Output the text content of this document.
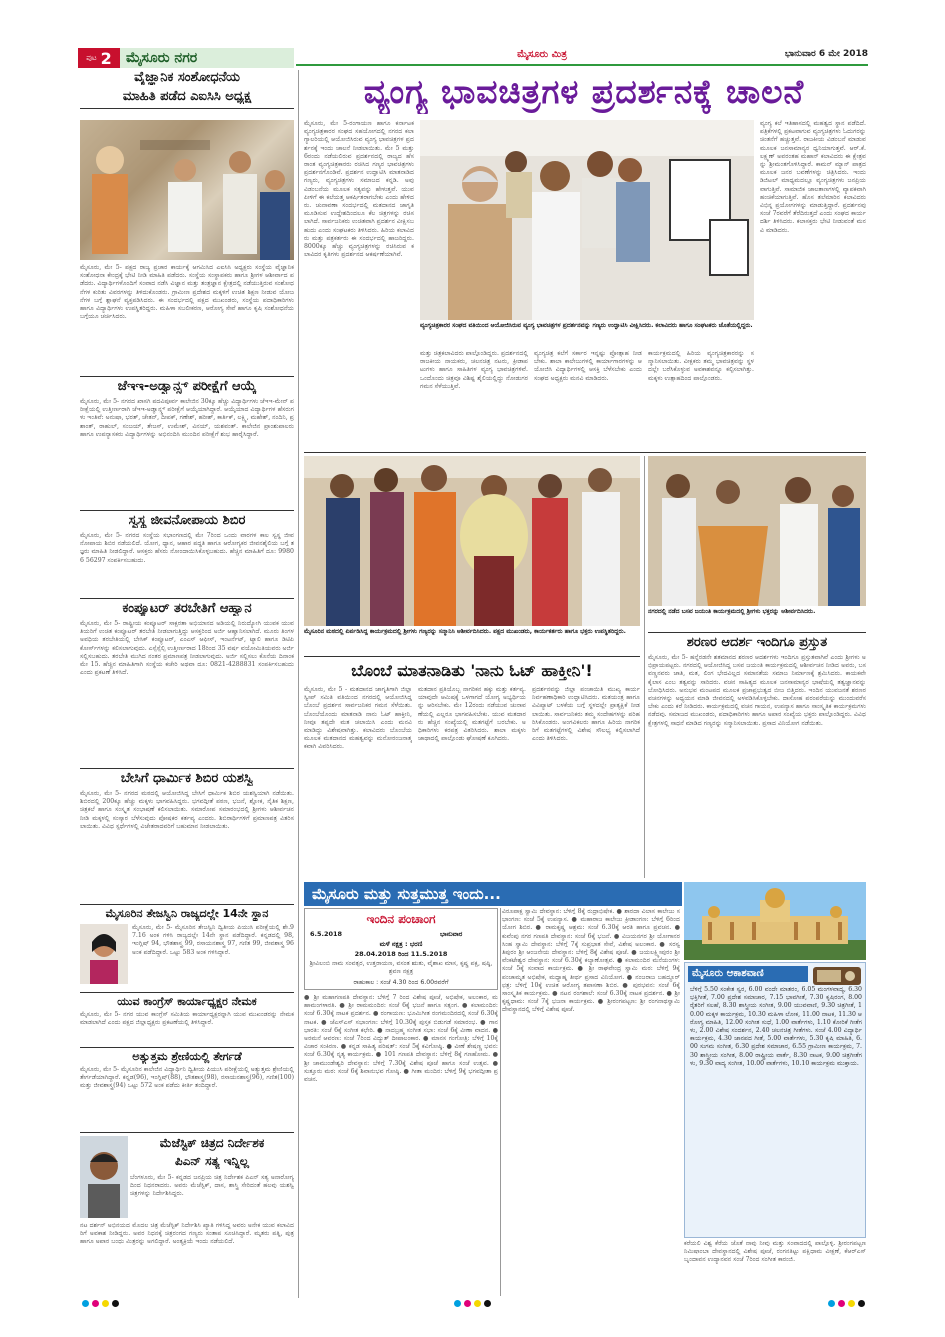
ಪುಟ 2	ಮೈಸೂರು ನಗರ	ಮೈಸೂರು ಮಿತ್ರ	ಭಾನುವಾರ 6 ಮೇ 2018
ವ್ಯಂಗ್ಯ ಭಾವಚಿತ್ರಗಳ ಪ್ರದರ್ಶನಕ್ಕೆ ಚಾಲನೆ
ವೈಜ್ಞಾನಿಕ ಸಂಶೋಧನೆಯ
ಮಾಹಿತಿ ಪಡೆದ ಎಐಸಿಸಿ ಅಧ್ಯಕ್ಷ
ಮೈಸೂರು, ಮೇ 5- ಪಕ್ಷದ ರಾಜ್ಯ ಪ್ರಚಾರ ಕಾರ್ಯಕ್ಕೆ ಆಗಮಿಸಿದ ಎಐಸಿಸಿ ಅಧ್ಯಕ್ಷರು ಸಂಸ್ಥೆಯ ವೈಜ್ಞಾನಿಕ ಸಂಶೋಧನಾ ಕೇಂದ್ರಕ್ಕೆ ಭೇಟಿ ನೀಡಿ ಮಾಹಿತಿ ಪಡೆದರು. ಸಂಸ್ಥೆಯ ಸಂಸ್ಥಾಪಕರು ಹಾಗೂ ಶ್ರೀಗಳ ಆಶೀರ್ವಾದ ಪಡೆದರು. ವಿದ್ಯಾರ್ಥಿಗಳೊಂದಿಗೆ ಸಂವಾದ ನಡೆಸಿ ವಿಜ್ಞಾನ ಮತ್ತು ತಂತ್ರಜ್ಞಾನ ಕ್ಷೇತ್ರದಲ್ಲಿ ನಡೆಯುತ್ತಿರುವ ಸಂಶೋಧನೆಗಳ ಕುರಿತು ವಿವರಗಳನ್ನು ತಿಳಿದುಕೊಂಡರು. ಗ್ರಾಮೀಣ ಪ್ರದೇಶದ ಮಕ್ಕಳಿಗೆ ಉಚಿತ ಶಿಕ್ಷಣ ನೀಡುವ ಯೋಜನೆಗಳ ಬಗ್ಗೆ ಶ್ಲಾಘನೆ ವ್ಯಕ್ತಪಡಿಸಿದರು. ಈ ಸಂದರ್ಭದಲ್ಲಿ ಪಕ್ಷದ ಮುಖಂಡರು, ಸಂಸ್ಥೆಯ ಪದಾಧಿಕಾರಿಗಳು ಹಾಗೂ ವಿದ್ಯಾರ್ಥಿಗಳು ಉಪಸ್ಥಿತರಿದ್ದರು. ಮಹಿಳಾ ಸಬಲೀಕರಣ, ಆರೋಗ್ಯ ಸೇವೆ ಹಾಗೂ ಕೃಷಿ ಸಂಶೋಧನೆಯ ಬಗ್ಗೆಯೂ ಚರ್ಚಿಸಿದರು.
ಜೆಇಇ-ಅಡ್ವಾನ್ಸ್ಡ್ ಪರೀಕ್ಷೆಗೆ ಆಯ್ಕೆ
ಮೈಸೂರು, ಮೇ 5- ನಗರದ ಖಾಸಗಿ ಪದವಿಪೂರ್ವ ಕಾಲೇಜಿನ 30ಕ್ಕೂ ಹೆಚ್ಚು ವಿದ್ಯಾರ್ಥಿಗಳು ಜೆಇಇ-ಮೇನ್ ಪರೀಕ್ಷೆಯಲ್ಲಿ ಉತ್ತೀರ್ಣರಾಗಿ ಜೆಇಇ-ಅಡ್ವಾನ್ಸ್ಡ್ ಪರೀಕ್ಷೆಗೆ ಆಯ್ಕೆಯಾಗಿದ್ದಾರೆ. ಆಯ್ಕೆಯಾದ ವಿದ್ಯಾರ್ಥಿಗಳ ಹೆಸರುಗಳು ಇಂತಿವೆ: ಅನುಷಾ, ಭರತ್, ಚೇತನ್, ದೀಪಕ್, ಗಣೇಶ್, ಹರೀಶ್, ಕಾರ್ತಿಕ್, ಲಕ್ಷ್ಮಿ, ಮಹೇಶ್, ನಂದಿನಿ, ಪ್ರಶಾಂತ್, ರಾಹುಲ್, ಸಂಜಯ್, ತೇಜಸ್, ಉಮೇಶ್, ವಿನಯ್, ಯಶವಂತ್. ಕಾಲೇಜಿನ ಪ್ರಾಂಶುಪಾಲರು ಹಾಗೂ ಉಪನ್ಯಾಸಕರು ವಿದ್ಯಾರ್ಥಿಗಳನ್ನು ಅಭಿನಂದಿಸಿ ಮುಂದಿನ ಪರೀಕ್ಷೆಗೆ ಶುಭ ಹಾರೈಸಿದ್ದಾರೆ.
ಸ್ವಸ್ಥ ಜೀವನೋಪಾಯ ಶಿಬಿರ
ಮೈಸೂರು, ಮೇ 5- ನಗರದ ಸಂಸ್ಥೆಯ ಸಭಾಂಗಣದಲ್ಲಿ ಮೇ 7ರಿಂದ ಒಂದು ವಾರಗಳ ಕಾಲ ಸ್ವಸ್ಥ ಜೀವನೋಪಾಯ ಶಿಬಿರ ನಡೆಯಲಿದೆ. ಯೋಗ, ಧ್ಯಾನ, ಆಹಾರ ಪದ್ಧತಿ ಹಾಗೂ ಆರೋಗ್ಯಕರ ಜೀವನಶೈಲಿಯ ಬಗ್ಗೆ ತಜ್ಞರು ಮಾಹಿತಿ ನೀಡಲಿದ್ದಾರೆ. ಆಸಕ್ತರು ಹೆಸರು ನೋಂದಾಯಿಸಿಕೊಳ್ಳಬಹುದು. ಹೆಚ್ಚಿನ ಮಾಹಿತಿಗೆ ದೂ: 99806 56297 ಸಂಪರ್ಕಿಸಬಹುದು.
ಕಂಪ್ಯೂಟರ್ ತರಬೇತಿಗೆ ಆಹ್ವಾನ
ಮೈಸೂರು, ಮೇ 5- ರಾಷ್ಟ್ರೀಯ ಕಂಪ್ಯೂಟರ್ ಸಾಕ್ಷರತಾ ಅಭಿಯಾನದ ಅಡಿಯಲ್ಲಿ ನಿರುದ್ಯೋಗಿ ಯುವಕ ಯುವತಿಯರಿಗೆ ಉಚಿತ ಕಂಪ್ಯೂಟರ್ ತರಬೇತಿ ನೀಡಲಾಗುತ್ತಿದ್ದು ಆಸಕ್ತರಿಂದ ಅರ್ಜಿ ಆಹ್ವಾನಿಸಲಾಗಿದೆ. ಮೂರು ತಿಂಗಳ ಅವಧಿಯ ತರಬೇತಿಯಲ್ಲಿ ಬೇಸಿಕ್ ಕಂಪ್ಯೂಟರ್, ಎಂಎಸ್ ಆಫೀಸ್, ಇಂಟರ್ನೆಟ್, ಟ್ಯಾಲಿ ಹಾಗೂ ಡಿಟಿಪಿ ಕೋರ್ಸ್‌ಗಳನ್ನು ಕಲಿಸಲಾಗುವುದು. ಎಸ್ಸೆಸ್ಸೆಲ್ಸಿ ಉತ್ತೀರ್ಣರಾದ 18ರಿಂದ 35 ವರ್ಷ ವಯೋಮಿತಿಯವರು ಅರ್ಜಿ ಸಲ್ಲಿಸಬಹುದು. ತರಬೇತಿ ಮುಗಿದ ನಂತರ ಪ್ರಮಾಣಪತ್ರ ನೀಡಲಾಗುವುದು. ಅರ್ಜಿ ಸಲ್ಲಿಸಲು ಕೊನೆಯ ದಿನಾಂಕ ಮೇ 15. ಹೆಚ್ಚಿನ ಮಾಹಿತಿಗಾಗಿ ಸಂಸ್ಥೆಯ ಕಚೇರಿ ಅಥವಾ ದೂ: 0821-4288831 ಸಂಪರ್ಕಿಸಬಹುದು ಎಂದು ಪ್ರಕಟಣೆ ತಿಳಿಸಿದೆ.
ಬೇಸಿಗೆ ಧಾರ್ಮಿಕ ಶಿಬಿರ ಯಶಸ್ವಿ
ಮೈಸೂರು, ಮೇ 5- ನಗರದ ಮಠದಲ್ಲಿ ಆಯೋಜಿಸಿದ್ದ ಬೇಸಿಗೆ ಧಾರ್ಮಿಕ ಶಿಬಿರ ಯಶಸ್ವಿಯಾಗಿ ನಡೆಯಿತು. ಶಿಬಿರದಲ್ಲಿ 200ಕ್ಕೂ ಹೆಚ್ಚು ಮಕ್ಕಳು ಭಾಗವಹಿಸಿದ್ದರು. ಭಗವದ್ಗೀತೆ ಪಠಣ, ಭಜನೆ, ಶ್ಲೋಕ, ನೈತಿಕ ಶಿಕ್ಷಣ, ಚಿತ್ರಕಲೆ ಹಾಗೂ ಸಂಸ್ಕೃತ ಸಂಭಾಷಣೆ ಕಲಿಸಲಾಯಿತು. ಸಮಾರೋಪ ಸಮಾರಂಭದಲ್ಲಿ ಶ್ರೀಗಳು ಆಶೀರ್ವಚನ ನೀಡಿ ಮಕ್ಕಳಲ್ಲಿ ಸಂಸ್ಕಾರ ಬೆಳೆಸುವುದು ಪೋಷಕರ ಕರ್ತವ್ಯ ಎಂದರು. ಶಿಬಿರಾರ್ಥಿಗಳಿಗೆ ಪ್ರಮಾಣಪತ್ರ ವಿತರಿಸಲಾಯಿತು. ವಿವಿಧ ಸ್ಪರ್ಧೆಗಳಲ್ಲಿ ವಿಜೇತರಾದವರಿಗೆ ಬಹುಮಾನ ನೀಡಲಾಯಿತು.
ಮೈಸೂರಿನ ತೇಜಸ್ವಿನಿ ರಾಜ್ಯದಲ್ಲೇ 14ನೇ ಸ್ಥಾನ
ಮೈಸೂರು, ಮೇ 5- ಮೈಸೂರಿನ ತೇಜಸ್ವಿನಿ ದ್ವಿತೀಯ ಪಿಯುಸಿ ಪರೀಕ್ಷೆಯಲ್ಲಿ ಶೇ.97.16 ಅಂಕ ಗಳಿಸಿ ರಾಜ್ಯದಲ್ಲೇ 14ನೇ ಸ್ಥಾನ ಪಡೆದಿದ್ದಾರೆ. ಕನ್ನಡದಲ್ಲಿ 98, ಇಂಗ್ಲಿಷ್ 94, ಭೌತಶಾಸ್ತ್ರ 99, ರಸಾಯನಶಾಸ್ತ್ರ 97, ಗಣಿತ 99, ಜೀವಶಾಸ್ತ್ರ 96 ಅಂಕ ಪಡೆದಿದ್ದಾರೆ. ಒಟ್ಟು 583 ಅಂಕ ಗಳಿಸಿದ್ದಾರೆ.
ಯುವ ಕಾಂಗ್ರೆಸ್ ಕಾರ್ಯಾಧ್ಯಕ್ಷರ ನೇಮಕ
ಮೈಸೂರು, ಮೇ 5- ನಗರ ಯುವ ಕಾಂಗ್ರೆಸ್ ಸಮಿತಿಯ ಕಾರ್ಯಾಧ್ಯಕ್ಷರನ್ನಾಗಿ ಯುವ ಮುಖಂಡರನ್ನು ನೇಮಕ ಮಾಡಲಾಗಿದೆ ಎಂದು ಪಕ್ಷದ ಜಿಲ್ಲಾಧ್ಯಕ್ಷರು ಪ್ರಕಟಣೆಯಲ್ಲಿ ತಿಳಿಸಿದ್ದಾರೆ.
ಅತ್ಯುತ್ತಮ ಶ್ರೇಣಿಯಲ್ಲಿ ತೇರ್ಗಡೆ
ಮೈಸೂರು, ಮೇ 5- ಮೈಸೂರಿನ ಕಾಲೇಜಿನ ವಿದ್ಯಾರ್ಥಿನಿ ದ್ವಿತೀಯ ಪಿಯುಸಿ ಪರೀಕ್ಷೆಯಲ್ಲಿ ಅತ್ಯುತ್ತಮ ಶ್ರೇಣಿಯಲ್ಲಿ ತೇರ್ಗಡೆಯಾಗಿದ್ದಾರೆ. ಕನ್ನಡ(96), ಇಂಗ್ಲಿಷ್(88), ಭೌತಶಾಸ್ತ್ರ(98), ರಸಾಯನಶಾಸ್ತ್ರ(96), ಗಣಿತ(100) ಮತ್ತು ಜೀವಶಾಸ್ತ್ರ(94) ಒಟ್ಟು 572 ಅಂಕ ಪಡೆದು ಕೀರ್ತಿ ತಂದಿದ್ದಾರೆ.
ಮೆಜೆಸ್ಟಿಕ್ ಚಿತ್ರದ ನಿರ್ದೇಶಕ
ಪಿಎನ್ ಸತ್ಯ ಇನ್ನಿಲ್ಲ
ಬೆಂಗಳೂರು, ಮೇ 5- ಕನ್ನಡದ ಜನಪ್ರಿಯ ಚಿತ್ರ ನಿರ್ದೇಶಕ ಪಿಎನ್ ಸತ್ಯ ಅನಾರೋಗ್ಯದಿಂದ ನಿಧನರಾದರು. ಅವರು ಮೆಜೆಸ್ಟಿಕ್, ದಾಸ, ಶಾಸ್ತ್ರಿ ಸೇರಿದಂತೆ ಹಲವು ಯಶಸ್ವಿ ಚಿತ್ರಗಳನ್ನು ನಿರ್ದೇಶಿಸಿದ್ದರು.
ನಟ ದರ್ಶನ್ ಅಭಿನಯದ ಮೊದಲ ಚಿತ್ರ ಮೆಜೆಸ್ಟಿಕ್ ನಿರ್ದೇಶಿಸಿ ಖ್ಯಾತಿ ಗಳಿಸಿದ್ದ ಅವರು ಅನೇಕ ಯುವ ಕಲಾವಿದರಿಗೆ ಅವಕಾಶ ನೀಡಿದ್ದರು. ಅವರ ನಿಧನಕ್ಕೆ ಚಿತ್ರರಂಗದ ಗಣ್ಯರು ಸಂತಾಪ ಸೂಚಿಸಿದ್ದಾರೆ. ಮೃತರು ಪತ್ನಿ, ಪುತ್ರ ಹಾಗೂ ಅಪಾರ ಬಂಧು ಮಿತ್ರರನ್ನು ಅಗಲಿದ್ದಾರೆ. ಅಂತ್ಯಕ್ರಿಯೆ ಇಂದು ನಡೆಯಲಿದೆ.
ಮೈಸೂರು, ಮೇ 5-ರಂಗಾಯಣ ಹಾಗೂ ಕರ್ನಾಟಕ ವ್ಯಂಗ್ಯಚಿತ್ರಕಾರರ ಸಂಘದ ಸಹಯೋಗದಲ್ಲಿ ನಗರದ ಕಲಾ ಗ್ಯಾಲರಿಯಲ್ಲಿ ಆಯೋಜಿಸಿರುವ ವ್ಯಂಗ್ಯ ಭಾವಚಿತ್ರಗಳ ಪ್ರದರ್ಶನಕ್ಕೆ ಇಂದು ಚಾಲನೆ ನೀಡಲಾಯಿತು. ಮೇ 5 ಮತ್ತು 6ರಂದು ನಡೆಯಲಿರುವ ಪ್ರದರ್ಶನದಲ್ಲಿ ರಾಜ್ಯದ ಹೆಸರಾಂತ ವ್ಯಂಗ್ಯಚಿತ್ರಕಾರರು ರಚಿಸಿದ ಗಣ್ಯರ ಭಾವಚಿತ್ರಗಳು ಪ್ರದರ್ಶನಗೊಂಡಿವೆ. ಪ್ರದರ್ಶನ ಉದ್ಘಾಟಿಸಿ ಮಾತನಾಡಿದ ಗಣ್ಯರು, ವ್ಯಂಗ್ಯಚಿತ್ರಗಳು ಸಮಾಜದ ಕನ್ನಡಿ. ಅವು ವಿಡಂಬನೆಯ ಮೂಲಕ ಸತ್ಯವನ್ನು ಹೇಳುತ್ತವೆ. ಯುವ ಪೀಳಿಗೆ ಈ ಕಲೆಯತ್ತ ಆಕರ್ಷಿತರಾಗಬೇಕು ಎಂದು ಹೇಳಿದರು. ಚುನಾವಣಾ ಸಂದರ್ಭದಲ್ಲಿ ಮತದಾನದ ಜಾಗೃತಿ ಮೂಡಿಸುವ ಉದ್ದೇಶದಿಂದಲೂ ಕೆಲ ಚಿತ್ರಗಳನ್ನು ರಚಿಸಲಾಗಿದೆ. ಸಾರ್ವಜನಿಕರು ಉಚಿತವಾಗಿ ಪ್ರದರ್ಶನ ವೀಕ್ಷಿಸಬಹುದು ಎಂದು ಸಂಘಟಕರು ತಿಳಿಸಿದರು. ಹಿರಿಯ ಕಲಾವಿದರು ಮತ್ತು ಪತ್ರಕರ್ತರು ಈ ಸಂದರ್ಭದಲ್ಲಿ ಹಾಜರಿದ್ದರು. 8000ಕ್ಕೂ ಹೆಚ್ಚು ವ್ಯಂಗ್ಯಚಿತ್ರಗಳನ್ನು ರಚಿಸಿರುವ ಕಲಾವಿದರ ಕೃತಿಗಳು ಪ್ರದರ್ಶನದ ಆಕರ್ಷಣೆಯಾಗಿವೆ.
ವ್ಯಂಗ್ಯಚಿತ್ರಕಾರರ ಸಂಘದ ವತಿಯಿಂದ ಆಯೋಜಿಸಿರುವ ವ್ಯಂಗ್ಯ ಭಾವಚಿತ್ರಗಳ ಪ್ರದರ್ಶನವನ್ನು ಗಣ್ಯರು ಉದ್ಘಾಟಿಸಿ ವೀಕ್ಷಿಸಿದರು. ಕಲಾವಿದರು ಹಾಗೂ ಸಂಘಟಕರು ಜೊತೆಯಲ್ಲಿದ್ದರು.
ಮತ್ತು ಚಿತ್ರಕಲಾವಿದರು ಪಾಲ್ಗೊಂಡಿದ್ದರು. ಪ್ರದರ್ಶನದಲ್ಲಿ ರಾಜಕೀಯ ನಾಯಕರು, ಚಲನಚಿತ್ರ ನಟರು, ಕ್ರೀಡಾಪಟುಗಳು ಹಾಗೂ ಸಾಹಿತಿಗಳ ವ್ಯಂಗ್ಯ ಭಾವಚಿತ್ರಗಳಿವೆ. ಒಂದೊಂದು ಚಿತ್ರವೂ ವಿಶಿಷ್ಟ ಶೈಲಿಯಲ್ಲಿದ್ದು ನೋಡುಗರ ಗಮನ ಸೆಳೆಯುತ್ತಿವೆ.
ವ್ಯಂಗ್ಯಚಿತ್ರ ಕಲೆಗೆ ಸರ್ಕಾರ ಇನ್ನಷ್ಟು ಪ್ರೋತ್ಸಾಹ ನೀಡಬೇಕು. ಶಾಲಾ ಕಾಲೇಜುಗಳಲ್ಲಿ ಕಾರ್ಯಾಗಾರಗಳನ್ನು ಆಯೋಜಿಸಿ ವಿದ್ಯಾರ್ಥಿಗಳಲ್ಲಿ ಆಸಕ್ತಿ ಬೆಳೆಸಬೇಕು ಎಂದು ಸಂಘದ ಅಧ್ಯಕ್ಷರು ಮನವಿ ಮಾಡಿದರು.
ಕಾರ್ಯಕ್ರಮದಲ್ಲಿ ಹಿರಿಯ ವ್ಯಂಗ್ಯಚಿತ್ರಕಾರರನ್ನು ಸನ್ಮಾನಿಸಲಾಯಿತು. ವೀಕ್ಷಕರು ತಮ್ಮ ಭಾವಚಿತ್ರವನ್ನು ಸ್ಥಳದಲ್ಲೇ ಬರೆಸಿಕೊಳ್ಳುವ ಅವಕಾಶವನ್ನೂ ಕಲ್ಪಿಸಲಾಗಿತ್ತು. ಮಕ್ಕಳು ಉತ್ಸಾಹದಿಂದ ಪಾಲ್ಗೊಂಡರು.
ವ್ಯಂಗ್ಯ ಕಲೆ ಇತಿಹಾಸದಲ್ಲಿ ಮಹತ್ವದ ಸ್ಥಾನ ಪಡೆದಿದೆ. ಪತ್ರಿಕೆಗಳಲ್ಲಿ ಪ್ರಕಟವಾಗುವ ವ್ಯಂಗ್ಯಚಿತ್ರಗಳು ಓದುಗರನ್ನು ಚಿಂತನೆಗೆ ಹಚ್ಚುತ್ತವೆ. ರಾಜಕೀಯ ವಿಡಂಬನೆ ಮಾಡುವ ಮೂಲಕ ಜನಸಾಮಾನ್ಯರ ಧ್ವನಿಯಾಗುತ್ತವೆ. ಆರ್.ಕೆ. ಲಕ್ಷ್ಮಣ್ ಅವರಂತಹ ಮಹಾನ್ ಕಲಾವಿದರು ಈ ಕ್ಷೇತ್ರವನ್ನು ಶ್ರೀಮಂತಗೊಳಿಸಿದ್ದಾರೆ. ಕಾಮನ್ ಮ್ಯಾನ್ ಪಾತ್ರದ ಮೂಲಕ ಜನರ ಬವಣೆಗಳನ್ನು ಚಿತ್ರಿಸಿದರು. ಇಂದು ಡಿಜಿಟಲ್ ಮಾಧ್ಯಮದಲ್ಲೂ ವ್ಯಂಗ್ಯಚಿತ್ರಗಳು ಜನಪ್ರಿಯವಾಗುತ್ತಿವೆ. ಸಾಮಾಜಿಕ ಜಾಲತಾಣಗಳಲ್ಲಿ ವ್ಯಾಪಕವಾಗಿ ಹಂಚಿಕೆಯಾಗುತ್ತಿವೆ. ಹೊಸ ತಲೆಮಾರಿನ ಕಲಾವಿದರು ವಿಭಿನ್ನ ಪ್ರಯೋಗಗಳನ್ನು ಮಾಡುತ್ತಿದ್ದಾರೆ. ಪ್ರದರ್ಶನವು ಸಂಜೆ 7ರವರೆಗೆ ತೆರೆದಿರುತ್ತದೆ ಎಂದು ಸಂಘದ ಕಾರ್ಯದರ್ಶಿ ತಿಳಿಸಿದರು. ಕಲಾಸಕ್ತರು ಭೇಟಿ ನೀಡುವಂತೆ ಮನವಿ ಮಾಡಿದರು.
ಮೈಸೂರಿನ ಮಠದಲ್ಲಿ ಏರ್ಪಡಿಸಿದ್ದ ಕಾರ್ಯಕ್ರಮದಲ್ಲಿ ಶ್ರೀಗಳು ಗಣ್ಯರನ್ನು ಸನ್ಮಾನಿಸಿ ಆಶೀರ್ವದಿಸಿದರು. ಪಕ್ಷದ ಮುಖಂಡರು, ಕಾರ್ಯಕರ್ತರು ಹಾಗೂ ಭಕ್ತರು ಉಪಸ್ಥಿತರಿದ್ದರು.
ಬೊಂಬೆ ಮಾತನಾಡಿತು 'ನಾನು ಓಟ್ ಹಾಕ್ತೀನಿ'!
ಮೈಸೂರು, ಮೇ 5 - ಮತದಾನದ ಜಾಗೃತಿಗಾಗಿ ಜಿಲ್ಲಾ ಸ್ವೀಪ್ ಸಮಿತಿ ವತಿಯಿಂದ ನಗರದಲ್ಲಿ ಆಯೋಜಿಸಿದ್ದ ಬೊಂಬೆ ಪ್ರದರ್ಶನ ಸಾರ್ವಜನಿಕರ ಗಮನ ಸೆಳೆಯಿತು. ಬೊಂಬೆಯೊಂದು ಮಾತನಾಡಿ ನಾನು ಓಟ್ ಹಾಕ್ತೀನಿ, ನೀವೂ ತಪ್ಪದೇ ಮತ ಚಲಾಯಿಸಿ ಎಂದು ಮನವಿ ಮಾಡಿದ್ದು ವಿಶೇಷವಾಗಿತ್ತು. ಕಲಾವಿದರು ಬೊಂಬೆಯ ಮೂಲಕ ಮತದಾನದ ಮಹತ್ವವನ್ನು ಮನೋರಂಜನಾತ್ಮಕವಾಗಿ ವಿವರಿಸಿದರು.
ಮತದಾನ ಪ್ರತಿಯೊಬ್ಬ ನಾಗರಿಕನ ಹಕ್ಕು ಮತ್ತು ಕರ್ತವ್ಯ. ಯಾವುದೇ ಆಮಿಷಕ್ಕೆ ಒಳಗಾಗದೆ ಯೋಗ್ಯ ಅಭ್ಯರ್ಥಿಯನ್ನು ಆರಿಸಬೇಕು. ಮೇ 12ರಂದು ನಡೆಯುವ ಚುನಾವಣೆಯಲ್ಲಿ ಎಲ್ಲರೂ ಭಾಗವಹಿಸಬೇಕು. ಯುವ ಮತದಾರರು ಹೆಚ್ಚಿನ ಸಂಖ್ಯೆಯಲ್ಲಿ ಮತಗಟ್ಟೆಗೆ ಬರಬೇಕು. ಅಧಿಕಾರಿಗಳು ಕರಪತ್ರ ವಿತರಿಸಿದರು. ಶಾಲಾ ಮಕ್ಕಳು ಜಾಥಾದಲ್ಲಿ ಪಾಲ್ಗೊಂಡು ಘೋಷಣೆ ಕೂಗಿದರು.
ಪ್ರದರ್ಶನವನ್ನು ಜಿಲ್ಲಾ ಪಂಚಾಯಿತಿ ಮುಖ್ಯ ಕಾರ್ಯನಿರ್ವಹಣಾಧಿಕಾರಿ ಉದ್ಘಾಟಿಸಿದರು. ಮತಯಂತ್ರ ಹಾಗೂ ವಿವಿಪ್ಯಾಟ್ ಬಳಕೆಯ ಬಗ್ಗೆ ಸ್ಥಳದಲ್ಲೇ ಪ್ರಾತ್ಯಕ್ಷಿಕೆ ನೀಡಲಾಯಿತು. ಸಾರ್ವಜನಿಕರು ತಮ್ಮ ಸಂದೇಹಗಳನ್ನು ಪರಿಹರಿಸಿಕೊಂಡರು. ಅಂಗವಿಕಲರು ಹಾಗೂ ಹಿರಿಯ ನಾಗರಿಕರಿಗೆ ಮತಗಟ್ಟೆಗಳಲ್ಲಿ ವಿಶೇಷ ಸೌಲಭ್ಯ ಕಲ್ಪಿಸಲಾಗಿದೆ ಎಂದು ತಿಳಿಸಿದರು.
ನಗರದಲ್ಲಿ ನಡೆದ ಬಸವ ಜಯಂತಿ ಕಾರ್ಯಕ್ರಮದಲ್ಲಿ ಶ್ರೀಗಳು ಭಕ್ತರನ್ನು ಆಶೀರ್ವದಿಸಿದರು.
ಶರಣರ ಆದರ್ಶ ಇಂದಿಗೂ ಪ್ರಸ್ತುತ
ಮೈಸೂರು, ಮೇ 5- ಹನ್ನೆರಡನೇ ಶತಮಾನದ ಶರಣರ ಆದರ್ಶಗಳು ಇಂದಿಗೂ ಪ್ರಸ್ತುತವಾಗಿವೆ ಎಂದು ಶ್ರೀಗಳು ಅಭಿಪ್ರಾಯಪಟ್ಟರು. ನಗರದಲ್ಲಿ ಆಯೋಜಿಸಿದ್ದ ಬಸವ ಜಯಂತಿ ಕಾರ್ಯಕ್ರಮದಲ್ಲಿ ಆಶೀರ್ವಚನ ನೀಡಿದ ಅವರು, ಬಸವಣ್ಣನವರು ಜಾತಿ, ಮತ, ಲಿಂಗ ಭೇದವಿಲ್ಲದ ಸಮಾನತೆಯ ಸಮಾಜ ನಿರ್ಮಾಣಕ್ಕೆ ಶ್ರಮಿಸಿದರು. ಕಾಯಕವೇ ಕೈಲಾಸ ಎಂಬ ತತ್ವವನ್ನು ಸಾರಿದರು. ವಚನ ಸಾಹಿತ್ಯದ ಮೂಲಕ ಜನಸಾಮಾನ್ಯರ ಭಾಷೆಯಲ್ಲಿ ತತ್ವಜ್ಞಾನವನ್ನು ಬೋಧಿಸಿದರು. ಅನುಭವ ಮಂಟಪದ ಮೂಲಕ ಪ್ರಜಾಪ್ರಭುತ್ವದ ಬೀಜ ಬಿತ್ತಿದರು. ಇಂದಿನ ಯುವಜನತೆ ಶರಣರ ವಚನಗಳನ್ನು ಅಧ್ಯಯನ ಮಾಡಿ ಜೀವನದಲ್ಲಿ ಅಳವಡಿಸಿಕೊಳ್ಳಬೇಕು. ದಾಸೋಹ ಪರಂಪರೆಯನ್ನು ಮುಂದುವರೆಸಬೇಕು ಎಂದು ಕರೆ ನೀಡಿದರು. ಕಾರ್ಯಕ್ರಮದಲ್ಲಿ ವಚನ ಗಾಯನ, ಉಪನ್ಯಾಸ ಹಾಗೂ ಸಾಂಸ್ಕೃತಿಕ ಕಾರ್ಯಕ್ರಮಗಳು ನಡೆದವು. ಸಮಾಜದ ಮುಖಂಡರು, ಪದಾಧಿಕಾರಿಗಳು ಹಾಗೂ ಅಪಾರ ಸಂಖ್ಯೆಯ ಭಕ್ತರು ಪಾಲ್ಗೊಂಡಿದ್ದರು. ವಿವಿಧ ಕ್ಷೇತ್ರಗಳಲ್ಲಿ ಸಾಧನೆ ಮಾಡಿದ ಗಣ್ಯರನ್ನು ಸನ್ಮಾನಿಸಲಾಯಿತು. ಪ್ರಸಾದ ವಿನಿಯೋಗ ನಡೆಯಿತು.
ಮೈಸೂರು ಮತ್ತು ಸುತ್ತಮುತ್ತ ಇಂದು...
ಇಂದಿನ ಪಂಚಾಂಗ
6.5.2018	ಭಾನುವಾರ
ಮಳೆ ನಕ್ಷತ್ರ : ಭರಣಿ
28.04.2018 ರಿಂದ 11.5.2018
ಶ್ರೀವಿಲಂಬಿ ನಾಮ ಸಂವತ್ಸರ, ಉತ್ತರಾಯಣ, ವಸಂತ ಋತು, ವೈಶಾಖ ಮಾಸ, ಕೃಷ್ಣ ಪಕ್ಷ, ಷಷ್ಠಿ, ಶ್ರವಣ ನಕ್ಷತ್ರ
ರಾಹುಕಾಲ : ಸಂಜೆ 4.30 ರಿಂದ 6.00ರವರೆಗೆ
● ಶ್ರೀ ಮಹಾಗಣಪತಿ ದೇವಸ್ಥಾನ: ಬೆಳಿಗ್ಗೆ 7 ರಿಂದ ವಿಶೇಷ ಪೂಜೆ, ಅಭಿಷೇಕ, ಅಲಂಕಾರ, ಮಹಾಮಂಗಳಾರತಿ. ● ಶ್ರೀ ರಾಮಮಂದಿರ: ಸಂಜೆ 6ಕ್ಕೆ ಭಜನೆ ಹಾಗೂ ಸತ್ಸಂಗ. ● ಕಲಾಮಂದಿರ: ಸಂಜೆ 6.30ಕ್ಕೆ ನಾಟಕ ಪ್ರದರ್ಶನ. ● ರಂಗಾಯಣ: ಭೂಮಿಗೀತ ರಂಗಮಂದಿರದಲ್ಲಿ ಸಂಜೆ 6.30ಕ್ಕೆ ನಾಟಕ. ● ಜೆಎಸ್‌ಎಸ್ ಸಭಾಂಗಣ: ಬೆಳಿಗ್ಗೆ 10.30ಕ್ಕೆ ಪುಸ್ತಕ ಬಿಡುಗಡೆ ಸಮಾರಂಭ. ● ಗಾನಭಾರತಿ: ಸಂಜೆ 6ಕ್ಕೆ ಸಂಗೀತ ಕಛೇರಿ. ● ನಾದಬ್ರಹ್ಮ ಸಂಗೀತ ಸಭಾ: ಸಂಜೆ 6ಕ್ಕೆ ವೀಣಾ ವಾದನ. ● ಅರಮನೆ ಆವರಣ: ಸಂಜೆ 7ರಿಂದ ವಿದ್ಯುತ್ ದೀಪಾಲಂಕಾರ. ● ಮಾನಸ ಗಂಗೋತ್ರಿ: ಬೆಳಿಗ್ಗೆ 10ಕ್ಕೆ ವಿಚಾರ ಸಂಕಿರಣ. ● ಕನ್ನಡ ಸಾಹಿತ್ಯ ಪರಿಷತ್: ಸಂಜೆ 5ಕ್ಕೆ ಕವಿಗೋಷ್ಠಿ. ● ವೀಣೆ ಶೇಷಣ್ಣ ಭವನ: ಸಂಜೆ 6.30ಕ್ಕೆ ನೃತ್ಯ ಕಾರ್ಯಕ್ರಮ. ● 101 ಗಣಪತಿ ದೇವಸ್ಥಾನ: ಬೆಳಿಗ್ಗೆ 8ಕ್ಕೆ ಗಣಹೋಮ. ● ಶ್ರೀ ಚಾಮುಂಡೇಶ್ವರಿ ದೇವಸ್ಥಾನ: ಬೆಳಿಗ್ಗೆ 7.30ಕ್ಕೆ ವಿಶೇಷ ಪೂಜೆ ಹಾಗೂ ಸಂಜೆ ಉತ್ಸವ. ● ಸುತ್ತೂರು ಮಠ: ಸಂಜೆ 6ಕ್ಕೆ ಶಿವಾನುಭವ ಗೋಷ್ಠಿ. ● ಗೀತಾ ಮಂದಿರ: ಬೆಳಿಗ್ಗೆ 9ಕ್ಕೆ ಭಗವದ್ಗೀತಾ ಪ್ರವಚನ.
ವಿರೂಪಾಕ್ಷ ಸ್ವಾಮಿ ದೇವಸ್ಥಾನ: ಬೆಳಿಗ್ಗೆ 8ಕ್ಕೆ ರುದ್ರಾಭಿಷೇಕ. ● ಶಾರದಾ ವಿಲಾಸ ಕಾಲೇಜು ಸಭಾಂಗಣ: ಸಂಜೆ 5ಕ್ಕೆ ಉಪನ್ಯಾಸ. ● ಮಹಾರಾಜ ಕಾಲೇಜು ಕ್ರೀಡಾಂಗಣ: ಬೆಳಿಗ್ಗೆ 6ರಿಂದ ಯೋಗ ಶಿಬಿರ. ● ರಾಮಕೃಷ್ಣ ಆಶ್ರಮ: ಸಂಜೆ 6.30ಕ್ಕೆ ಆರತಿ ಹಾಗೂ ಪ್ರವಚನ. ● ಕುವೆಂಪು ನಗರ ಗಣಪತಿ ದೇವಸ್ಥಾನ: ಸಂಜೆ 6ಕ್ಕೆ ಭಜನೆ. ● ವಿಜಯನಗರ ಶ್ರೀ ಯೋಗಾನರಸಿಂಹ ಸ್ವಾಮಿ ದೇವಸ್ಥಾನ: ಬೆಳಿಗ್ಗೆ 7ಕ್ಕೆ ಸುಪ್ರಭಾತ ಸೇವೆ, ವಿಶೇಷ ಅಲಂಕಾರ. ● ಸರಸ್ವತಿಪುರಂ ಶ್ರೀ ಆಂಜನೇಯ ದೇವಸ್ಥಾನ: ಬೆಳಿಗ್ಗೆ 8ಕ್ಕೆ ವಿಶೇಷ ಪೂಜೆ. ● ಜಯಲಕ್ಷ್ಮೀಪುರಂ ಶ್ರೀ ವೆಂಕಟೇಶ್ವರ ದೇವಸ್ಥಾನ: ಸಂಜೆ 6.30ಕ್ಕೆ ಕಲ್ಯಾಣೋತ್ಸವ. ● ಕಲಾಮಂದಿರ ಮನೆಯಂಗಳ: ಸಂಜೆ 5ಕ್ಕೆ ಸಂವಾದ ಕಾರ್ಯಕ್ರಮ. ● ಶ್ರೀ ರಾಘವೇಂದ್ರ ಸ್ವಾಮಿ ಮಠ: ಬೆಳಿಗ್ಗೆ 9ಕ್ಕೆ ಪಂಚಾಮೃತ ಅಭಿಷೇಕ, ಮಧ್ಯಾಹ್ನ ತೀರ್ಥ ಪ್ರಸಾದ ವಿನಿಯೋಗ. ● ನಂಜರಾಜ ಬಹದ್ದೂರ್ ಛತ್ರ: ಬೆಳಿಗ್ಗೆ 10ಕ್ಕೆ ಉಚಿತ ಆರೋಗ್ಯ ತಪಾಸಣಾ ಶಿಬಿರ. ● ಪುರಭವನ: ಸಂಜೆ 6ಕ್ಕೆ ಸಾಂಸ್ಕೃತಿಕ ಕಾರ್ಯಕ್ರಮ. ● ನಟನ ರಂಗಶಾಲೆ: ಸಂಜೆ 6.30ಕ್ಕೆ ನಾಟಕ ಪ್ರದರ್ಶನ. ● ಶ್ರೀ ಕೃಷ್ಣಧಾಮ: ಸಂಜೆ 7ಕ್ಕೆ ಭಜನಾ ಕಾರ್ಯಕ್ರಮ. ● ಶ್ರೀರಂಗಪಟ್ಟಣ: ಶ್ರೀ ರಂಗನಾಥಸ್ವಾಮಿ ದೇವಸ್ಥಾನದಲ್ಲಿ ಬೆಳಿಗ್ಗೆ ವಿಶೇಷ ಪೂಜೆ.
ಮೈಸೂರು ಆಕಾಶವಾಣಿ
ಬೆಳಿಗ್ಗೆ 5.50 ಸಂಕೇತ ಸ್ವರ, 6.00 ವಂದೇ ಮಾತರಂ, 6.05 ಮಂಗಳವಾದ್ಯ, 6.30 ಭಕ್ತಿಗೀತೆ, 7.00 ಪ್ರದೇಶ ಸಮಾಚಾರ, 7.15 ಭಾವಗೀತೆ, 7.30 ಕೃಷಿರಂಗ, 8.00 ರೈತರಿಗೆ ಸಲಹೆ, 8.30 ಶಾಸ್ತ್ರೀಯ ಸಂಗೀತ, 9.00 ಯುವವಾಣಿ, 9.30 ಚಿತ್ರಗೀತೆ, 10.00 ಮಕ್ಕಳ ಕಾರ್ಯಕ್ರಮ, 10.30 ಮಹಿಳಾ ಲೋಕ, 11.00 ನಾಟಕ, 11.30 ಆರೋಗ್ಯ ಮಾಹಿತಿ, 12.00 ಸಂಗೀತ ಸುಧೆ, 1.00 ವಾರ್ತೆಗಳು, 1.10 ಕೋರಿಕೆ ಗೀತೆಗಳು, 2.00 ವಿಶೇಷ ಸಂದರ್ಶನ, 2.40 ಚಲನಚಿತ್ರ ಗೀತೆಗಳು. ಸಂಜೆ 4.00 ವಿದ್ಯಾರ್ಥಿ ಕಾರ್ಯಕ್ರಮ, 4.30 ಜಾನಪದ ಗೀತೆ, 5.00 ವಾರ್ತೆಗಳು, 5.30 ಕೃಷಿ ಮಾಹಿತಿ, 6.00 ಸುಗಮ ಸಂಗೀತ, 6.30 ಪ್ರದೇಶ ಸಮಾಚಾರ, 6.55 ಗ್ರಾಮೀಣ ಕಾರ್ಯಕ್ರಮ, 7.30 ಶಾಸ್ತ್ರೀಯ ಸಂಗೀತ, 8.00 ರಾಷ್ಟ್ರೀಯ ವಾರ್ತೆ, 8.30 ನಾಟಕ, 9.00 ಚಿತ್ರಗೀತೆಗಳು, 9.30 ವಾದ್ಯ ಸಂಗೀತ, 10.00 ವಾರ್ತೆಗಳು, 10.10 ಕಾರ್ಯಕ್ರಮ ಮುಕ್ತಾಯ.
ಕರೆಯಲಿ ವಿಶ್ವ ಕೆರೆಯ ಜೊತೆ ನಾವು ನೀವು ಮತ್ತು ಸಂವಾದದಲ್ಲಿ ಪಾಲ್ಗೊಳ್ಳಿ. ಶ್ರೀರಂಗಪಟ್ಟಣ ನಿಮಿಷಾಂಬಾ ದೇವಸ್ಥಾನದಲ್ಲಿ ವಿಶೇಷ ಪೂಜೆ, ರಂಗನತಿಟ್ಟು ಪಕ್ಷಿಧಾಮ ವೀಕ್ಷಣೆ, ಕೆಆರ್‌ಎಸ್ ಬೃಂದಾವನ ಉದ್ಯಾನವನ ಸಂಜೆ 7ರಿಂದ ಸಂಗೀತ ಕಾರಂಜಿ.
